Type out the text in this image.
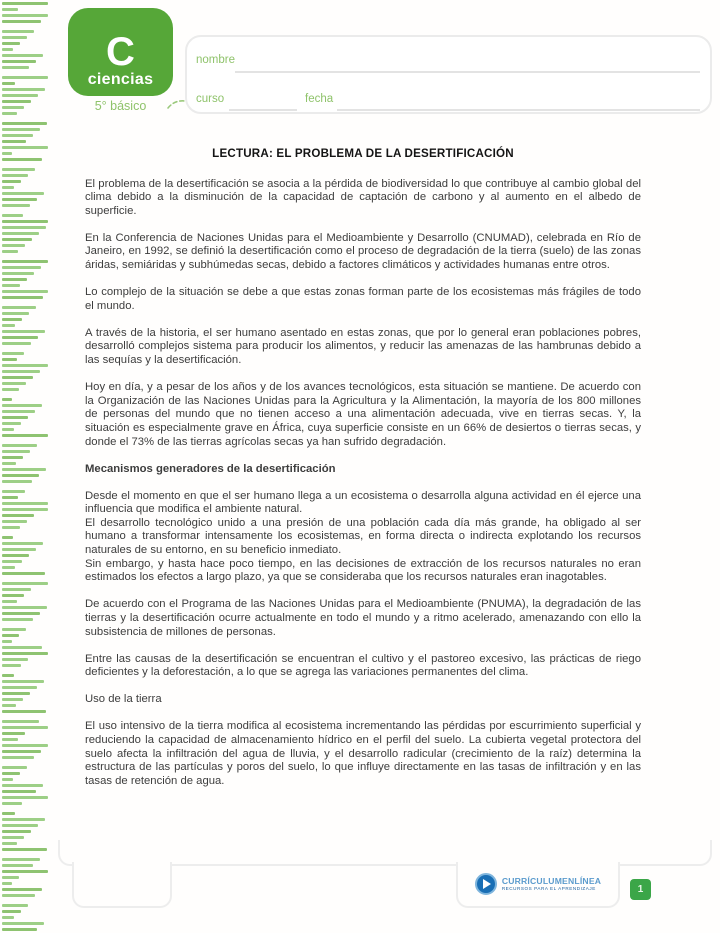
C
ciencias
5° básico
nombre
curso	fecha
LECTURA: EL PROBLEMA DE LA DESERTIFICACIÓN

El problema de la desertificación se asocia a la pérdida de biodiversidad lo que contribuye al cambio global del clima debido a la disminución de la capacidad de captación de carbono y al aumento en el albedo de superficie.

En la Conferencia de Naciones Unidas para el Medioambiente y Desarrollo (CNUMAD), celebrada en Río de Janeiro, en 1992, se definió la desertificación como el proceso de degradación de la tierra (suelo) de las zonas áridas, semiáridas y subhúmedas secas, debido a factores climáticos y actividades humanas entre otros.

Lo complejo de la situación se debe a que estas zonas forman parte de los ecosistemas más frágiles de todo el mundo.

A través de la historia, el ser humano asentado en estas zonas, que por lo general eran poblaciones pobres, desarrolló complejos sistema para producir los alimentos, y reducir las amenazas de las hambrunas debido a las sequías y la desertificación.

Hoy en día, y a pesar de los años y de los avances tecnológicos, esta situación se mantiene. De acuerdo con la Organización de las Naciones Unidas para la Agricultura y la Alimentación, la mayoría de los 800 millones de personas del mundo que no tienen acceso a una alimentación adecuada, vive en tierras secas. Y, la situación es especialmente grave en África, cuya superficie consiste en un 66% de desiertos o tierras secas, y donde el 73% de las tierras agrícolas secas ya han sufrido degradación.

Mecanismos generadores de la desertificación

Desde el momento en que el ser humano llega a un ecosistema o desarrolla alguna actividad en él ejerce una influencia que modifica el ambiente natural.

El desarrollo tecnológico unido a una presión de una población cada día más grande, ha obligado al ser humano a transformar intensamente los ecosistemas, en forma directa o indirecta explotando los recursos naturales de su entorno, en su beneficio inmediato.

Sin embargo, y hasta hace poco tiempo, en las decisiones de extracción de los recursos naturales no eran estimados los efectos a largo plazo, ya que se consideraba que los recursos naturales eran inagotables.

De acuerdo con el Programa de las Naciones Unidas para el Medioambiente (PNUMA), la degradación de las tierras y la desertificación ocurre actualmente en todo el mundo y a ritmo acelerado, amenazando con ello la subsistencia de millones de personas.

Entre las causas de la desertificación se encuentran el cultivo y el pastoreo excesivo, las prácticas de riego deficientes y la deforestación, a lo que se agrega las variaciones permanentes del clima.

Uso de la tierra

El uso intensivo de la tierra modifica al ecosistema incrementando las pérdidas por escurrimiento superficial y reduciendo la capacidad de almacenamiento hídrico en el perfil del suelo. La cubierta vegetal protectora del suelo afecta la infiltración del agua de lluvia, y el desarrollo radicular (crecimiento de la raíz) determina la estructura de las partículas y poros del suelo, lo que influye directamente en las tasas de infiltración y en las tasas de retención de agua.

CURRÍCULUMENLÍNEA
RECURSOS PARA EL APRENDIZAJE	1
